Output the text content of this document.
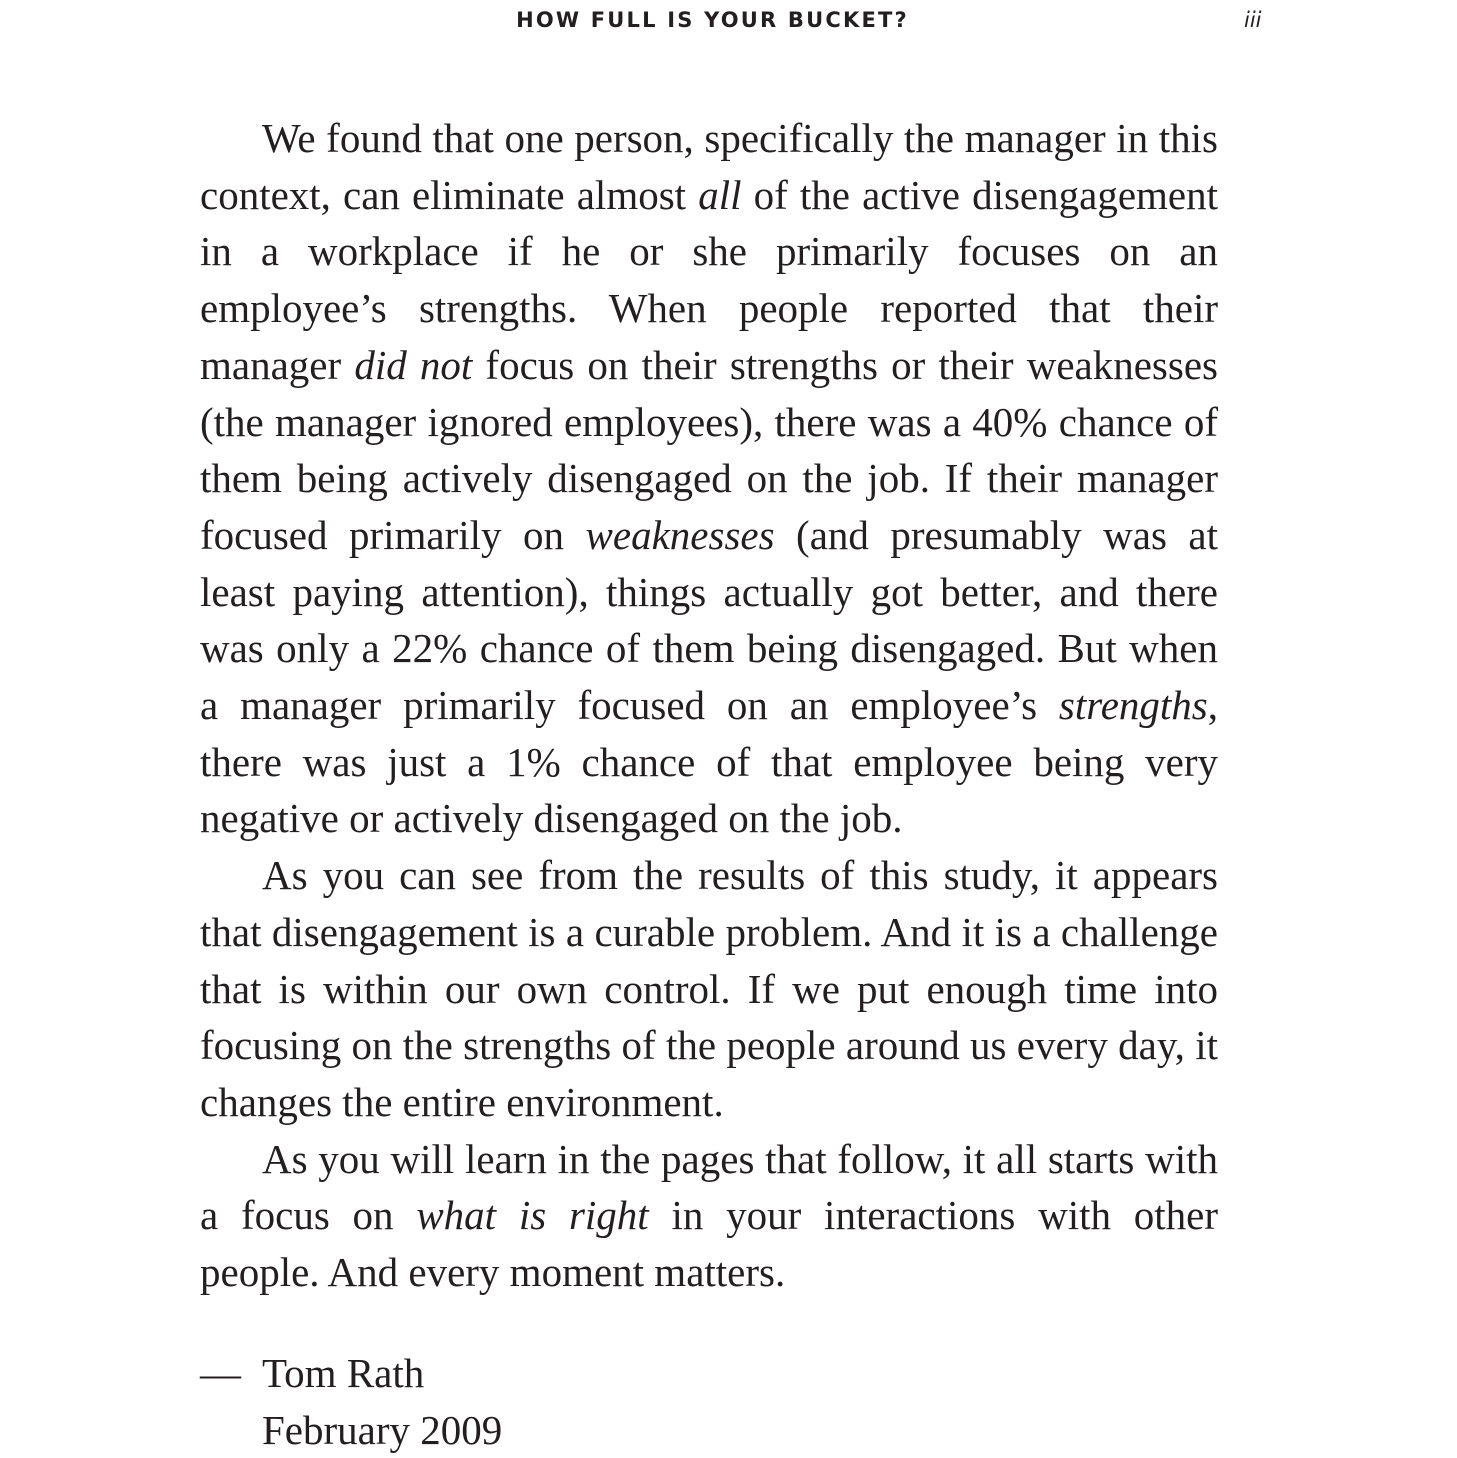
HOW FULL IS YOUR BUCKET?	iii

We found that one person, specifically the manager in this context, can eliminate almost all of the active disengagement in a workplace if he or she primarily focuses on an employee’s strengths. When people reported that their manager did not focus on their strengths or their weaknesses (the manager ignored employees), there was a 40% chance of them being actively disengaged on the job. If their manager focused primarily on weaknesses (and presumably was at least paying attention), things actually got better, and there was only a 22% chance of them being disengaged. But when a manager primarily focused on an employee’s strengths, there was just a 1% chance of that employee being very negative or actively disengaged on the job.

As you can see from the results of this study, it appears that disengagement is a curable problem. And it is a challenge that is within our own control. If we put enough time into focusing on the strengths of the people around us every day, it changes the entire environment.

As you will learn in the pages that follow, it all starts with a focus on what is right in your interactions with other people. And every moment matters.

— Tom Rath
February 2009
